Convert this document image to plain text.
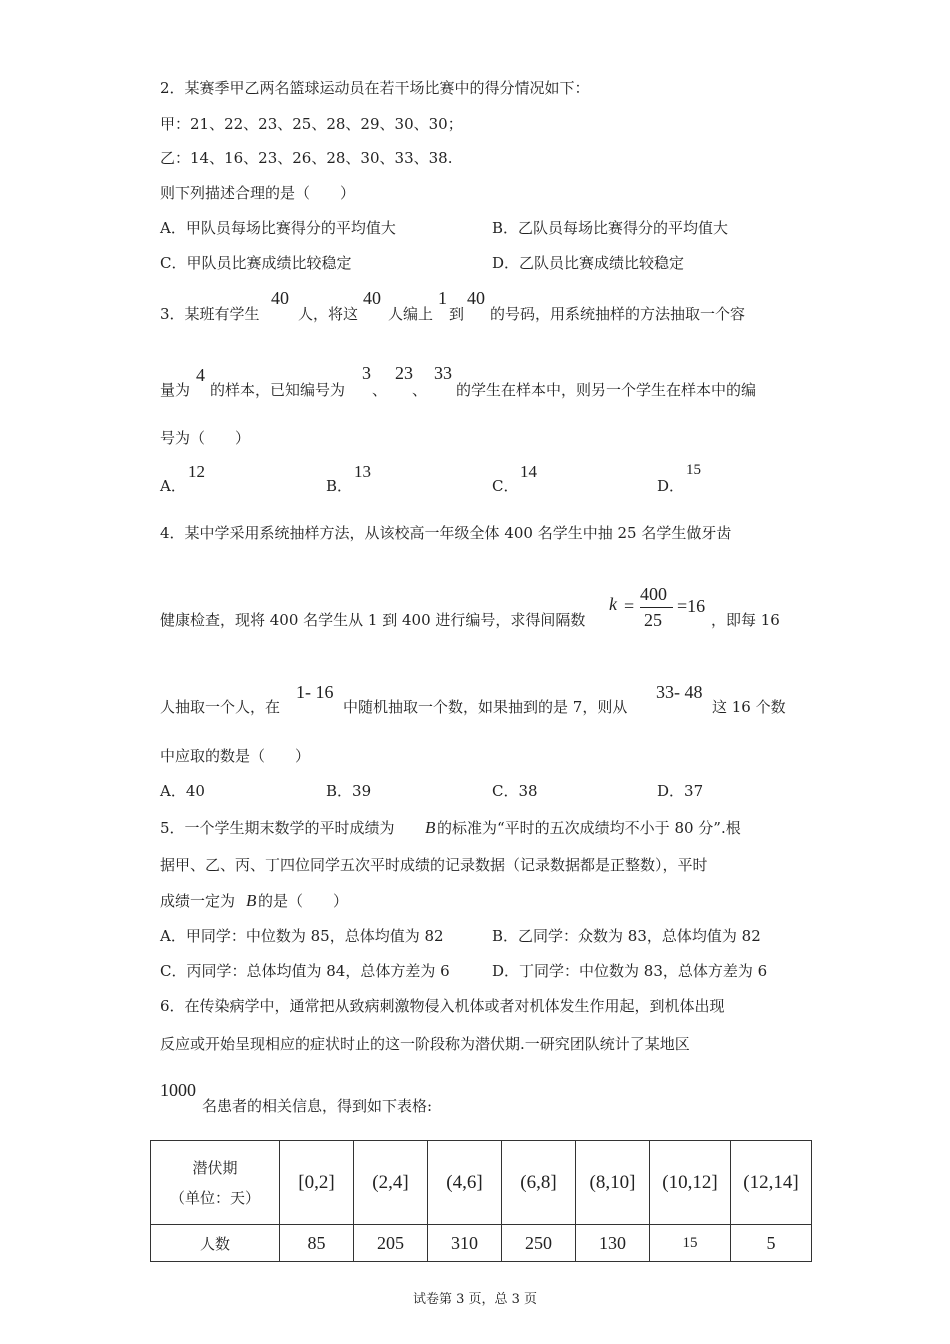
2．某赛季甲乙两名篮球运动员在若干场比赛中的得分情况如下：
甲：21、22、23、25、28、29、30、30；
乙：14、16、23、26、28、30、33、38.
则下列描述合理的是（　　）
A．甲队员每场比赛得分的平均值大	B．乙队员每场比赛得分的平均值大
C．甲队员比赛成绩比较稳定	D．乙队员比赛成绩比较稳定
3．某班有学生
40
人，将这
40
人编上
1
到
40
的号码，用系统抽样的方法抽取一个容
量为
4
的样本，已知编号为
3
、
23
、
33
的学生在样本中，则另一个学生在样本中的编
号为（　　）
A．
12
B．
13
C．
14
D．
15
4．某中学采用系统抽样方法，从该校高一年级全体 400 名学生中抽 25 名学生做牙齿
健康检查，现将 400 名学生从 1 到 400 进行编号，求得间隔数
k =
400
25
=16
，即每 16
人抽取一个人，在
1- 16
中随机抽取一个数，如果抽到的是 7，则从
33- 48
这 16 个数
中应取的数是（　　）
A．40	B．39	C．38	D．37
5．一个学生期末数学的平时成绩为 B 的标准为“平时的五次成绩均不小于 80 分”.根
据甲、乙、丙、丁四位同学五次平时成绩的记录数据（记录数据都是正整数），平时
成绩一定为 B 的是（　　）
A．甲同学：中位数为 85，总体均值为 82	B．乙同学：众数为 83，总体均值为 82
C．丙同学：总体均值为 84，总体方差为 6	D．丁同学：中位数为 83，总体方差为 6
6．在传染病学中，通常把从致病刺激物侵入机体或者对机体发生作用起，到机体出现
反应或开始呈现相应的症状时止的这一阶段称为潜伏期.一研究团队统计了某地区
1000
名患者的相关信息，得到如下表格:
潜伏期
（单位：天）	[0,2]	(2,4]	(4,6]	(6,8]	(8,10]	(10,12]	(12,14]
人数	85	205	310	250	130	15	5
试卷第 3 页，总 3 页
